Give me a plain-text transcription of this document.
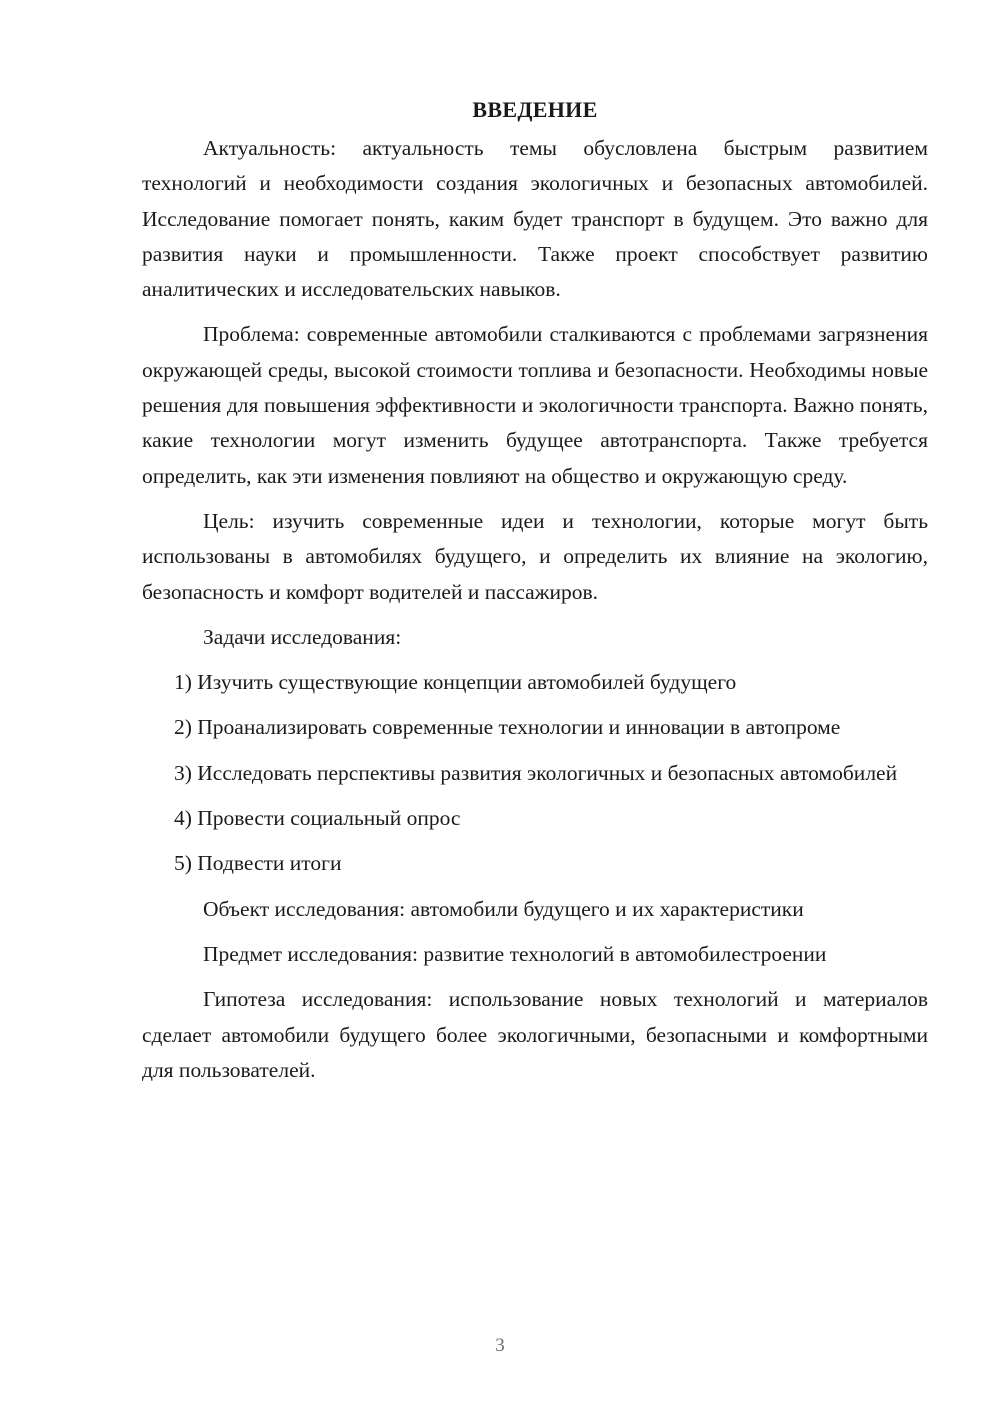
ВВЕДЕНИЕ

Актуальность: актуальность темы обусловлена быстрым развитием технологий и необходимости создания экологичных и безопасных автомобилей. Исследование помогает понять, каким будет транспорт в будущем. Это важно для развития науки и промышленности. Также проект способствует развитию аналитических и исследовательских навыков.

Проблема: современные автомобили сталкиваются с проблемами загрязнения окружающей среды, высокой стоимости топлива и безопасности. Необходимы новые решения для повышения эффективности и экологичности транспорта. Важно понять, какие технологии могут изменить будущее автотранспорта. Также требуется определить, как эти изменения повлияют на общество и окружающую среду.

Цель: изучить современные идеи и технологии, которые могут быть использованы в автомобилях будущего, и определить их влияние на экологию, безопасность и комфорт водителей и пассажиров.

Задачи исследования:

1) Изучить существующие концепции автомобилей будущего

2) Проанализировать современные технологии и инновации в автопроме

3) Исследовать перспективы развития экологичных и безопасных автомобилей

4) Провести социальный опрос

5) Подвести итоги

Объект исследования: автомобили будущего и их характеристики

Предмет исследования: развитие технологий в автомобилестроении

Гипотеза исследования: использование новых технологий и материалов сделает автомобили будущего более экологичными, безопасными и комфортными для пользователей.

3
